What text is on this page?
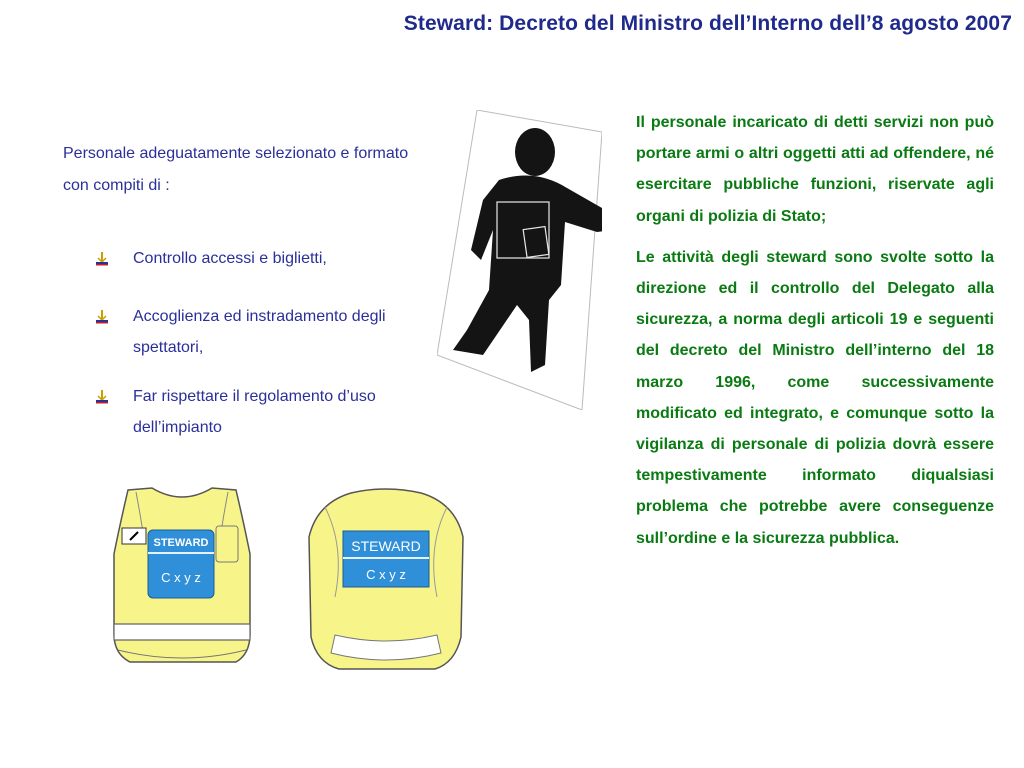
Steward: Decreto del Ministro dell’Interno dell’8 agosto 2007
Personale adeguatamente selezionato e formato con compiti di :
Controllo accessi e biglietti,
Accoglienza ed instradamento degli spettatori,
Far rispettare il regolamento d’uso dell’impianto
STEWARD
C x y z
STEWARD
C x y z

Il personale incaricato di detti servizi non può portare armi o altri oggetti atti ad offendere, né esercitare pubbliche funzioni, riservate agli organi di polizia di Stato;

Le attività degli steward sono svolte sotto la direzione ed il controllo del Delegato alla sicurezza, a norma degli articoli 19 e seguenti del decreto del Ministro dell’interno del 18 marzo 1996, come successivamente modificato ed integrato, e comunque sotto la vigilanza di personale di polizia dovrà essere tempestivamente informato diqualsiasi problema che potrebbe avere conseguenze sull’ordine e la sicurezza pubblica.
